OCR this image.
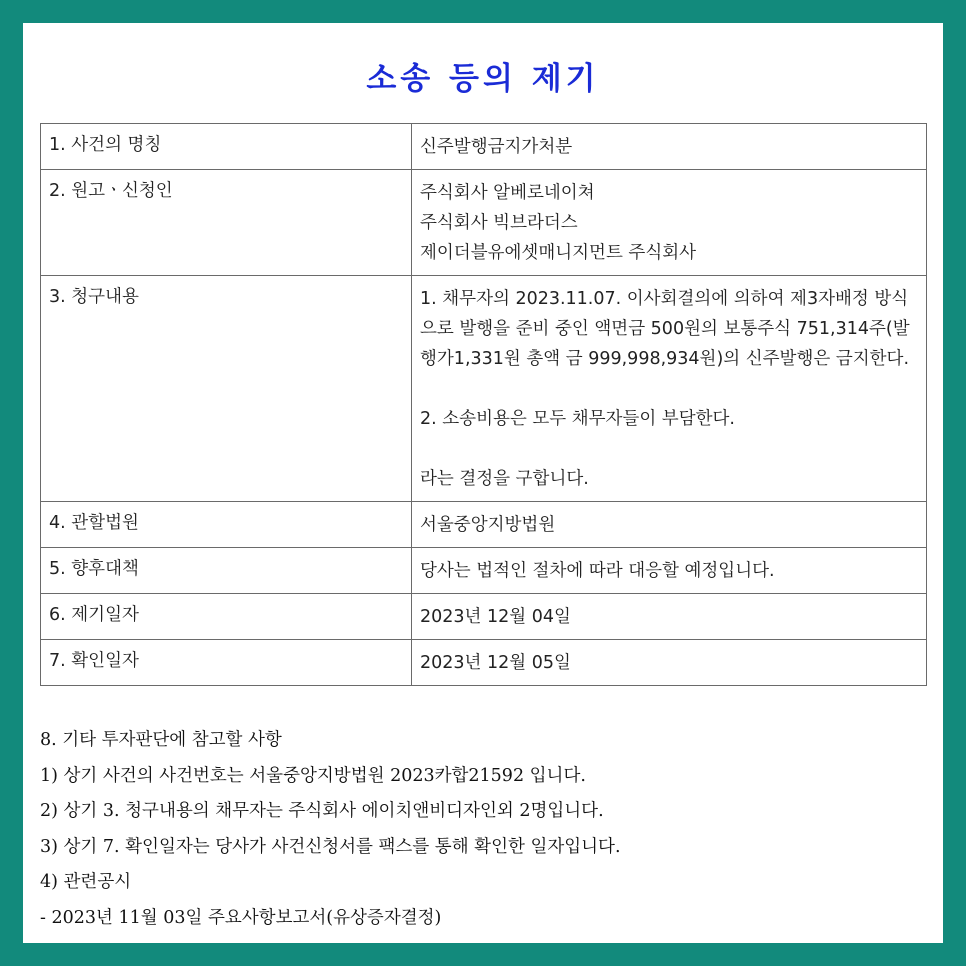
소송 등의 제기
1. 사건의 명칭	신주발행금지가처분

2. 원고ㆍ신청인	주식회사 알베로네이쳐
주식회사 빅브라더스
제이더블유에셋매니지먼트 주식회사

3. 청구내용	1. 채무자의 2023.11.07. 이사회결의에 의하여 제3자배정 방식으로 발행을 준비 중인 액면금 500원의 보통주식 751,314주(발행가1,331원 총액 금 999,998,934원)의 신주발행은 금지한다.
2. 소송비용은 모두 채무자들이 부담한다.
라는 결정을 구합니다.

4. 관할법원	서울중앙지방법원

5. 향후대책	당사는 법적인 절차에 따라 대응할 예정입니다.

6. 제기일자	2023년 12월 04일

7. 확인일자	2023년 12월 05일
8. 기타 투자판단에 참고할 사항
1) 상기 사건의 사건번호는 서울중앙지방법원 2023카합21592 입니다.
2) 상기 3. 청구내용의 채무자는 주식회사 에이치앤비디자인외 2명입니다.
3) 상기 7. 확인일자는 당사가 사건신청서를 팩스를 통해 확인한 일자입니다.
4) 관련공시
- 2023년 11월 03일 주요사항보고서(유상증자결정)
